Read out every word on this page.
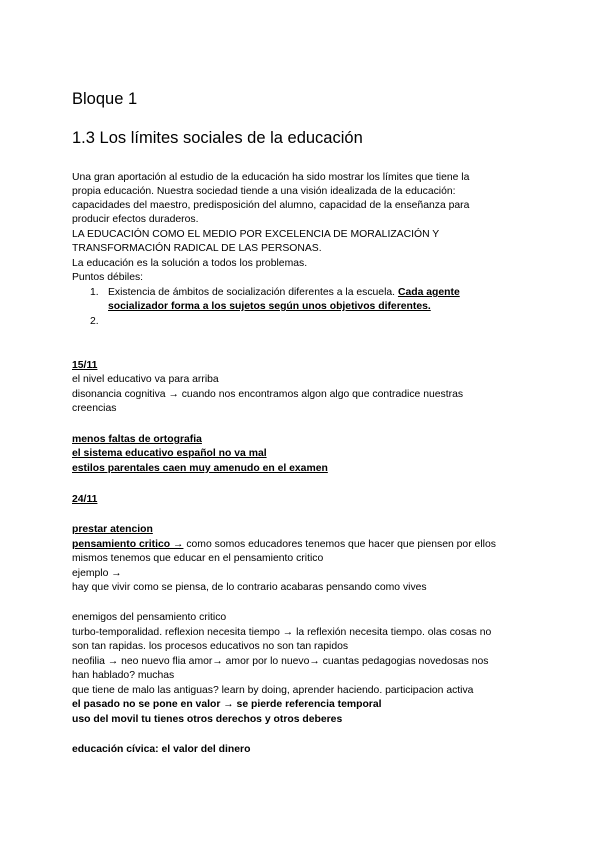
Bloque 1
1.3 Los límites sociales de la educación
Una gran aportación al estudio de la educación ha sido mostrar los límites que tiene la
propia educación. Nuestra sociedad tiende a una visión idealizada de la educación:
capacidades del maestro, predisposición del alumno, capacidad de la enseñanza para
producir efectos duraderos.
LA EDUCACIÓN COMO EL MEDIO POR EXCELENCIA DE MORALIZACIÓN Y
TRANSFORMACIÓN RADICAL DE LAS PERSONAS.
La educación es la solución a todos los problemas.
Puntos débiles:
1. Existencia de ámbitos de socialización diferentes a la escuela. Cada agente
socializador forma a los sujetos según unos objetivos diferentes.
2.
15/11
el nivel educativo va para arriba
disonancia cognitiva → cuando nos encontramos algon algo que contradice nuestras
creencias
menos faltas de ortografia
el sistema educativo español no va mal
estilos parentales caen muy amenudo en el examen
24/11
prestar atencion
pensamiento critico → como somos educadores tenemos que hacer que piensen por ellos
mismos tenemos que educar en el pensamiento critico
ejemplo →
hay que vivir como se piensa, de lo contrario acabaras pensando como vives
enemigos del pensamiento critico
turbo-temporalidad. reflexion necesita tiempo → la reflexión necesita tiempo. olas cosas no
son tan rapidas. los procesos educativos no son tan rapidos
neofilia → neo nuevo flia amor→ amor por lo nuevo→ cuantas pedagogias novedosas nos
han hablado? muchas
que tiene de malo las antiguas? learn by doing, aprender haciendo. participacion activa
el pasado no se pone en valor → se pierde referencia temporal
uso del movil tu tienes otros derechos y otros deberes
educación cívica: el valor del dinero
